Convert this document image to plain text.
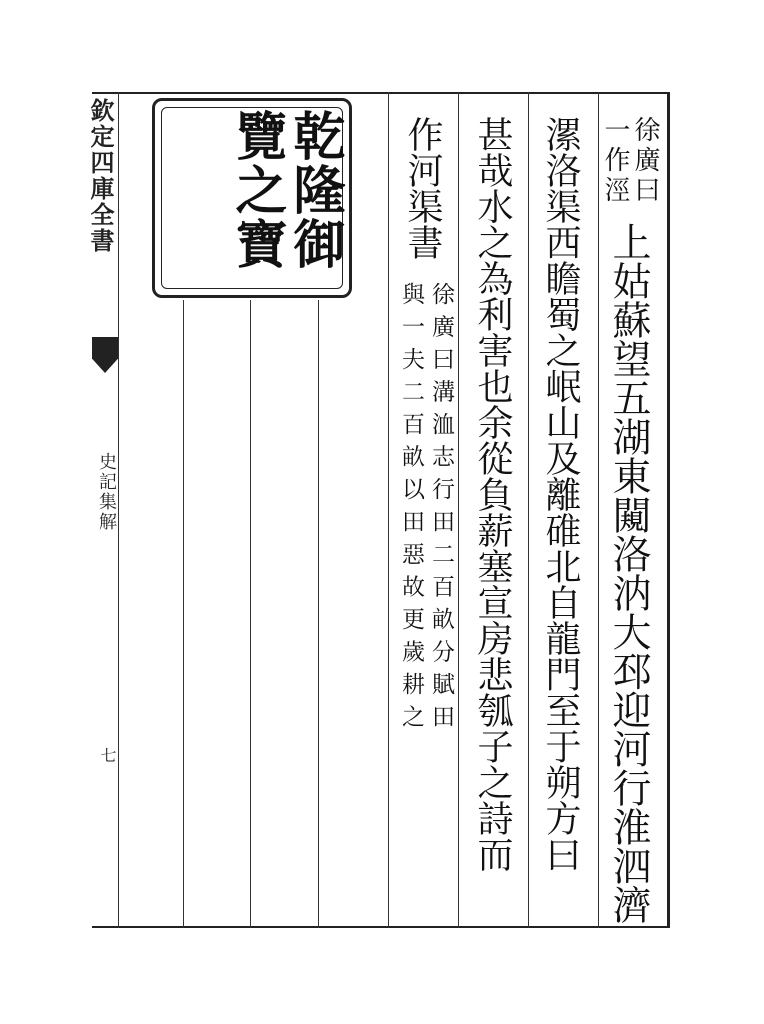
欽定四庫全書
史記集解
七
乾隆御覽之寶	徐廣曰
一作涇
上姑蘇望五湖東闚洛汭大邳迎河行淮泗濟
漯洛渠西瞻蜀之岷山及離碓北自龍門至于朔方曰
甚哉水之為利害也余從負薪塞宣房悲瓠子之詩而
作河渠書
徐廣曰溝洫志行田二百畝分賦田
與一夫二百畝以田惡故更歲耕之
